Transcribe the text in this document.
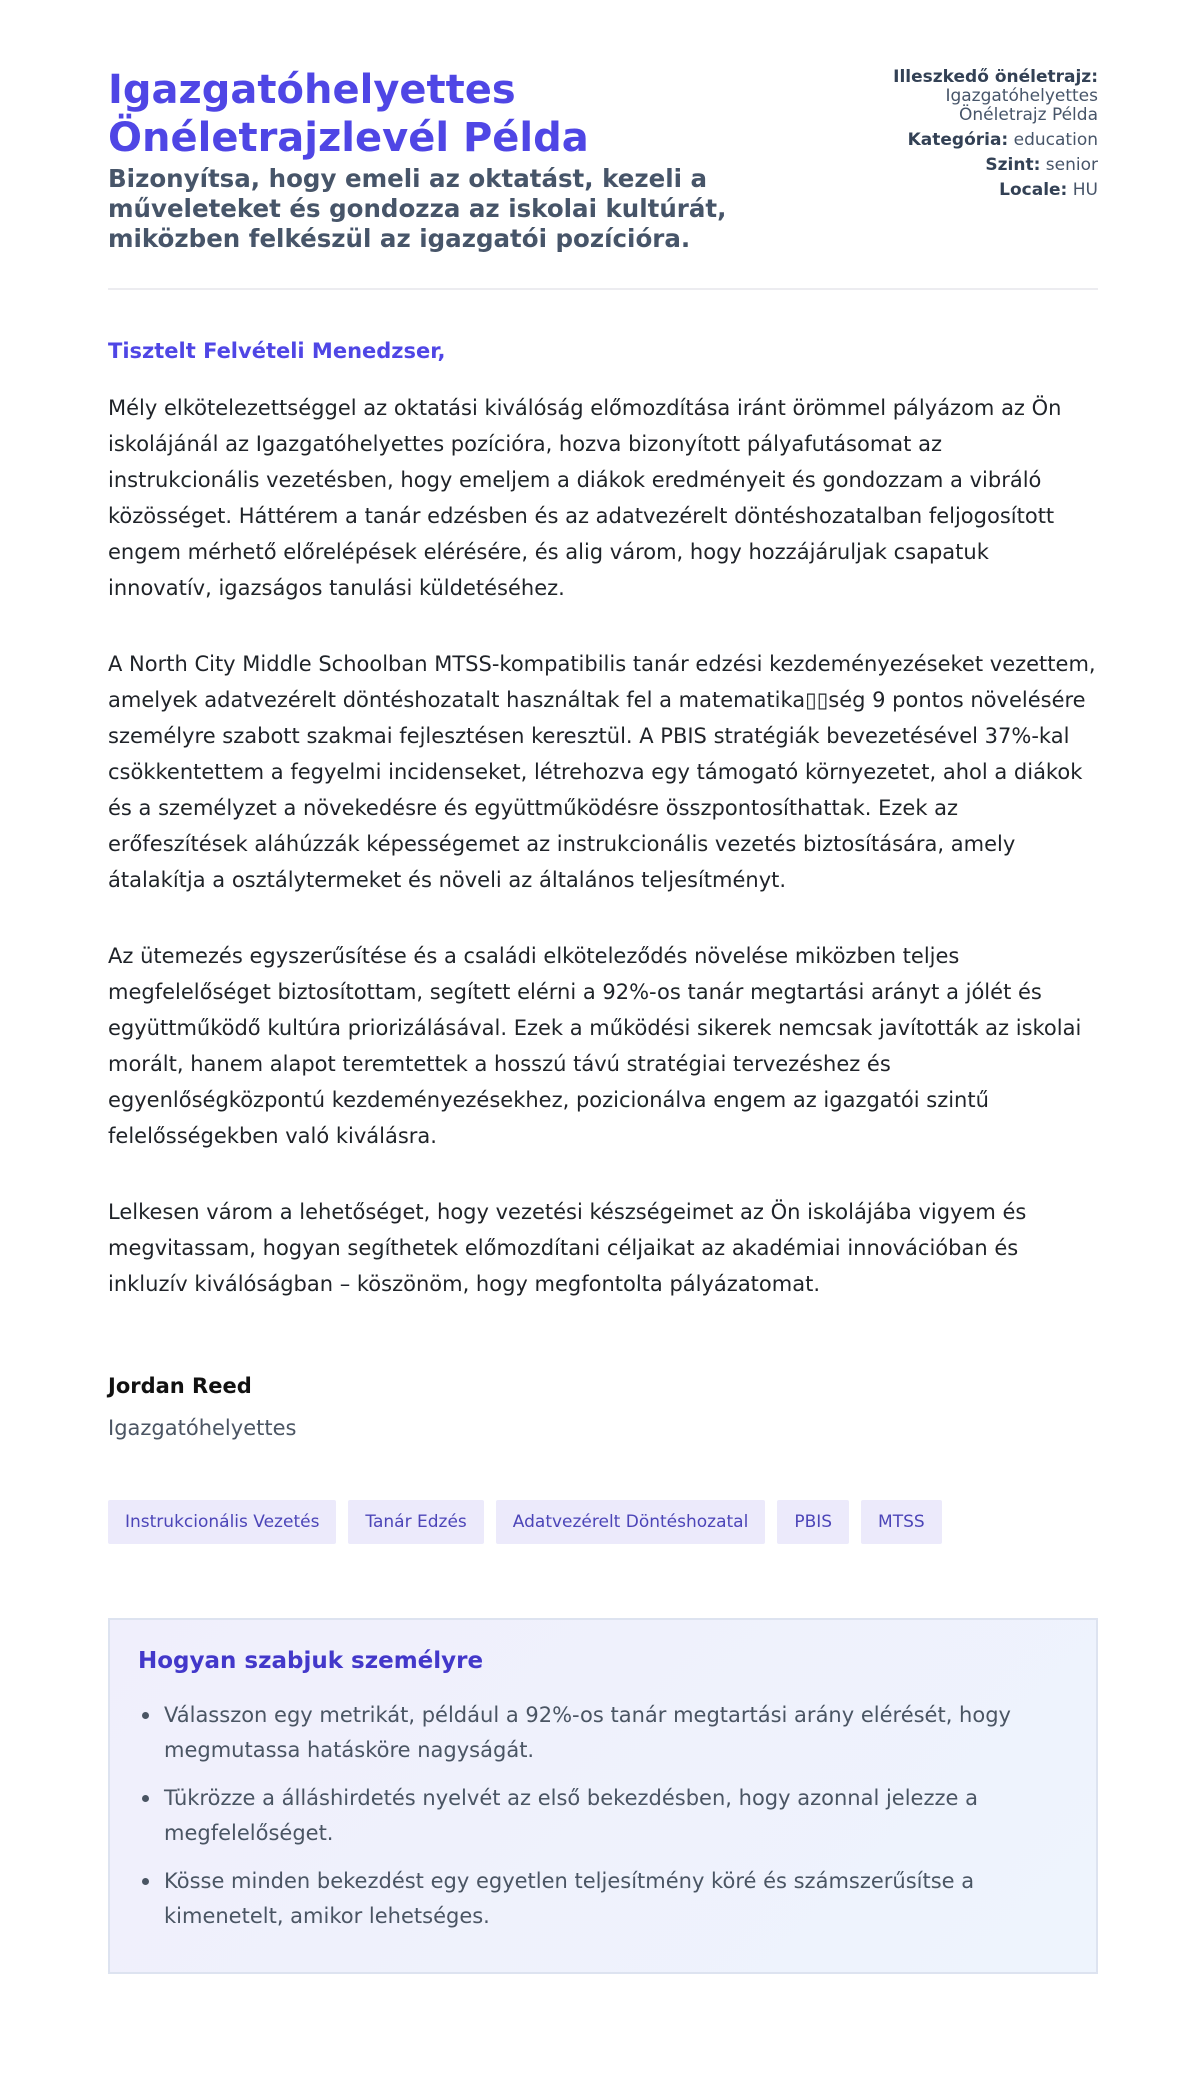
Igazgatóhelyettes Önéletrajzlevél Példa
Bizonyítsa, hogy emeli az oktatást, kezeli a műveleteket és gondozza az iskolai kultúrát, miközben felkészül az igazgatói pozícióra.
Illeszkedő önéletrajz:
Igazgatóhelyettes Önéletrajz Példa
Kategória: education
Szint: senior
Locale: HU
Tisztelt Felvételi Menedzser,

Mély elkötelezettséggel az oktatási kiválóság előmozdítása iránt örömmel pályázom az Ön iskolájánál az Igazgatóhelyettes pozícióra, hozva bizonyított pályafutásomat az instrukcionális vezetésben, hogy emeljem a diákok eredményeit és gondozzam a vibráló közösséget. Háttérem a tanár edzésben és az adatvezérelt döntéshozatalban feljogosított engem mérhető előrelépések elérésére, és alig várom, hogy hozzájáruljak csapatuk innovatív, igazságos tanulási küldetéséhez.

A North City Middle Schoolban MTSS-kompatibilis tanár edzési kezdeményezéseket vezettem, amelyek adatvezérelt döntéshozatalt használtak fel a matematika▯▯ség 9 pontos növelésére személyre szabott szakmai fejlesztésen keresztül. A PBIS stratégiák bevezetésével 37%-kal csökkentettem a fegyelmi incidenseket, létrehozva egy támogató környezetet, ahol a diákok és a személyzet a növekedésre és együttműködésre összpontosíthattak. Ezek az erőfeszítések aláhúzzák képességemet az instrukcionális vezetés biztosítására, amely átalakítja a osztálytermeket és növeli az általános teljesítményt.

Az ütemezés egyszerűsítése és a családi elköteleződés növelése miközben teljes megfelelőséget biztosítottam, segített elérni a 92%-os tanár megtartási arányt a jólét és együttműködő kultúra priorizálásával. Ezek a működési sikerek nemcsak javították az iskolai morált, hanem alapot teremtettek a hosszú távú stratégiai tervezéshez és egyenlőségközpontú kezdeményezésekhez, pozicionálva engem az igazgatói szintű felelősségekben való kiválásra.

Lelkesen várom a lehetőséget, hogy vezetési készségeimet az Ön iskolájába vigyem és megvitassam, hogyan segíthetek előmozdítani céljaikat az akadémiai innovációban és inkluzív kiválóságban – köszönöm, hogy megfontolta pályázatomat.

Jordan Reed
Igazgatóhelyettes
Instrukcionális Vezetés	Tanár Edzés	Adatvezérelt Döntéshozatal	PBIS	MTSS
Hogyan szabjuk személyre
Válasszon egy metrikát, például a 92%-os tanár megtartási arány elérését, hogy megmutassa hatásköre nagyságát.
Tükrözze a álláshirdetés nyelvét az első bekezdésben, hogy azonnal jelezze a megfelelőséget.
Kösse minden bekezdést egy egyetlen teljesítmény köré és számszerűsítse a kimenetelt, amikor lehetséges.
